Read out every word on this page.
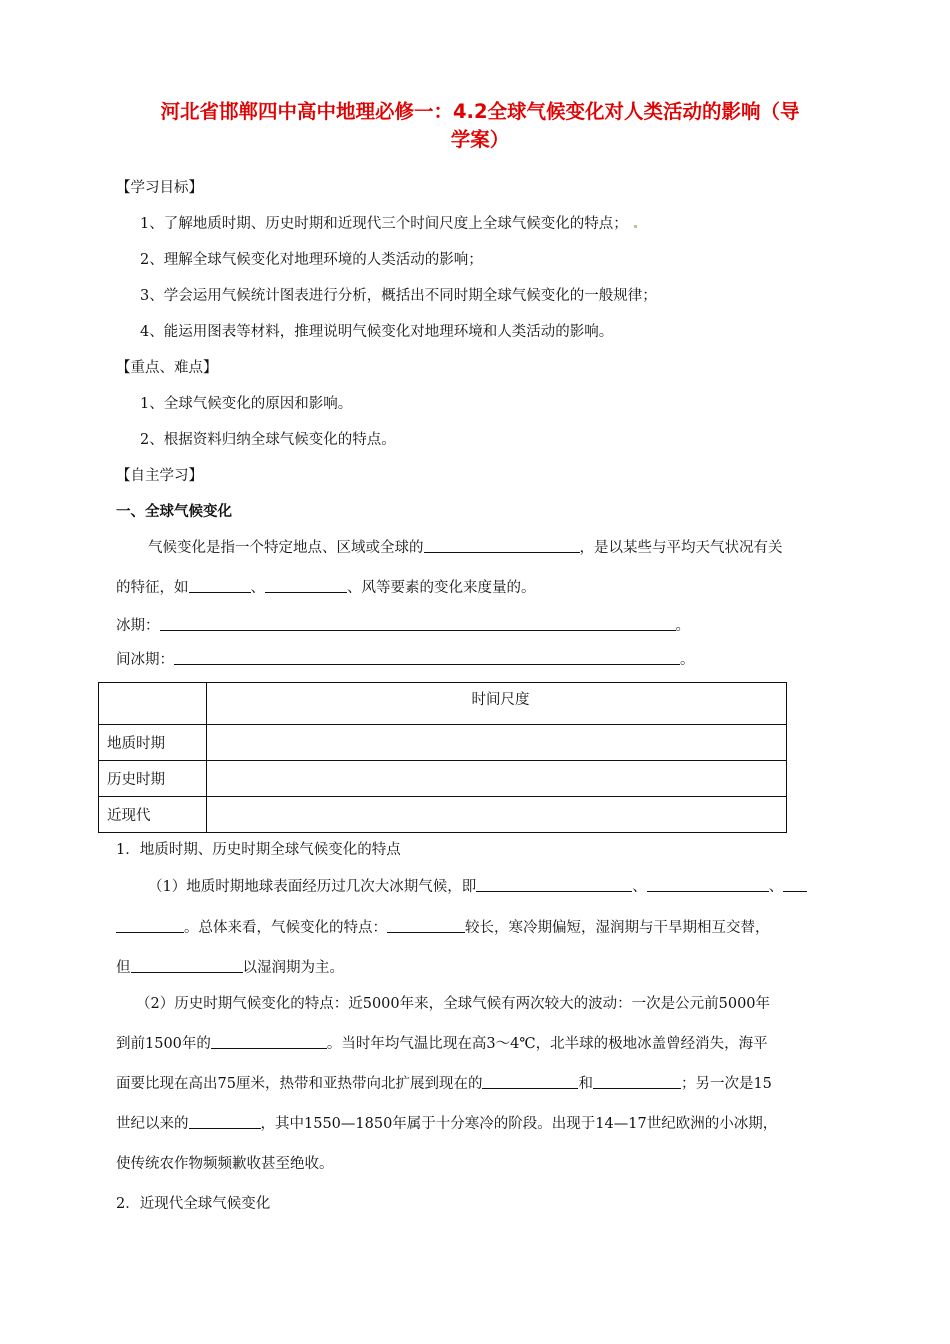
河北省邯郸四中高中地理必修一：4.2全球气候变化对人类活动的影响（导
学案）
【学习目标】
1、了解地质时期、历史时期和近现代三个时间尺度上全球气候变化的特点；
2、理解全球气候变化对地理环境的人类活动的影响；
3、学会运用气候统计图表进行分析，概括出不同时期全球气候变化的一般规律；
4、能运用图表等材料，推理说明气候变化对地理环境和人类活动的影响。
【重点、难点】
1、全球气候变化的原因和影响。
2、根据资料归纳全球气候变化的特点。
【自主学习】
一、全球气候变化
气候变化是指一个特定地点、区域或全球的	，是以某些与平均天气状况有关
的特征，如	、	、风等要素的变化来度量的。
冰期：	。
间冰期：	。
	时间尺度
地质时期	
历史时期	
近现代	
1．地质时期、历史时期全球气候变化的特点
（1）地质时期地球表面经历过几次大冰期气候，即	、	、
。总体来看，气候变化的特点：	较长，寒冷期偏短，湿润期与干旱期相互交替，
但	以湿润期为主。
（2）历史时期气候变化的特点：近5000年来，全球气候有两次较大的波动：一次是公元前5000年
到前1500年的	。当时年均气温比现在高3～4℃，北半球的极地冰盖曾经消失，海平
面要比现在高出75厘米，热带和亚热带向北扩展到现在的	和	；另一次是15
世纪以来的	，其中1550—1850年属于十分寒冷的阶段。出现于14—17世纪欧洲的小冰期，
使传统农作物频频歉收甚至绝收。
2．近现代全球气候变化
